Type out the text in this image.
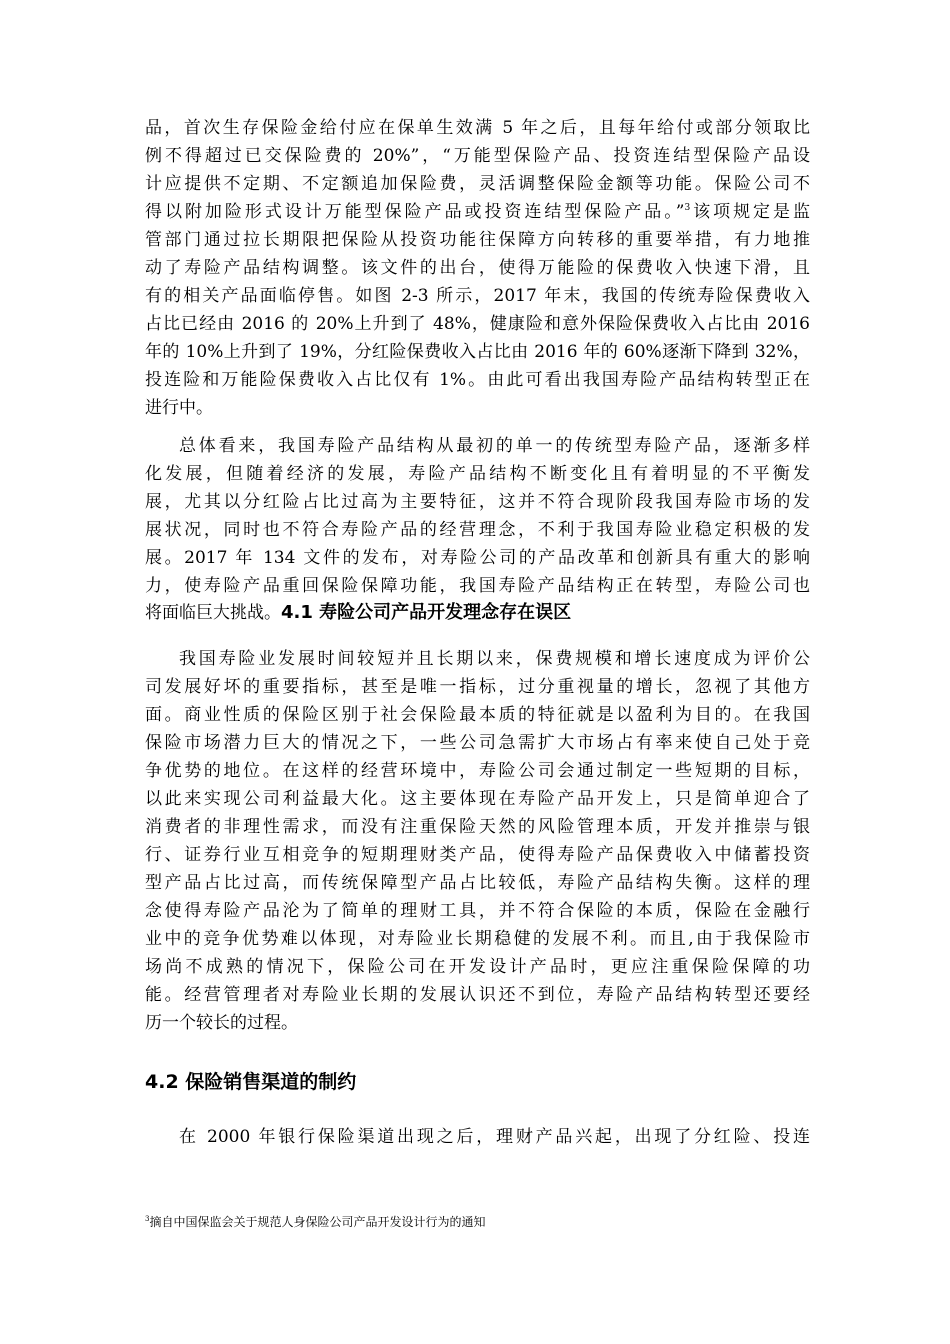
品，首次生存保险金给付应在保单生效满 5 年之后，且每年给付或部分领取比
例不得超过已交保险费的 20%”，“万能型保险产品、投资连结型保险产品设
计应提供不定期、不定额追加保险费，灵活调整保险金额等功能。保险公司不
得以附加险形式设计万能型保险产品或投资连结型保险产品。”$^3$该项规定是监
管部门通过拉长期限把保险从投资功能往保障方向转移的重要举措，有力地推
动了寿险产品结构调整。该文件的出台，使得万能险的保费收入快速下滑，且
有的相关产品面临停售。如图 2-3 所示，2017 年末，我国的传统寿险保费收入
占比已经由 2016 的 20%上升到了 48%，健康险和意外保险保费收入占比由 2016
年的 10%上升到了 19%，分红险保费收入占比由 2016 年的 60%逐渐下降到 32%，
投连险和万能险保费收入占比仅有 1%。由此可看出我国寿险产品结构转型正在
进行中。
总体看来，我国寿险产品结构从最初的单一的传统型寿险产品，逐渐多样
化发展，但随着经济的发展，寿险产品结构不断变化且有着明显的不平衡发
展，尤其以分红险占比过高为主要特征，这并不符合现阶段我国寿险市场的发
展状况，同时也不符合寿险产品的经营理念，不利于我国寿险业稳定积极的发
展。2017 年 134 文件的发布，对寿险公司的产品改革和创新具有重大的影响
力，使寿险产品重回保险保障功能，我国寿险产品结构正在转型，寿险公司也
将面临巨大挑战。4.1 寿险公司产品开发理念存在误区
我国寿险业发展时间较短并且长期以来，保费规模和增长速度成为评价公
司发展好坏的重要指标，甚至是唯一指标，过分重视量的增长，忽视了其他方
面。商业性质的保险区别于社会保险最本质的特征就是以盈利为目的。在我国
保险市场潜力巨大的情况之下，一些公司急需扩大市场占有率来使自己处于竞
争优势的地位。在这样的经营环境中，寿险公司会通过制定一些短期的目标，
以此来实现公司利益最大化。这主要体现在寿险产品开发上，只是简单迎合了
消费者的非理性需求，而没有注重保险天然的风险管理本质，开发并推崇与银
行、证券行业互相竞争的短期理财类产品，使得寿险产品保费收入中储蓄投资
型产品占比过高，而传统保障型产品占比较低，寿险产品结构失衡。这样的理
念使得寿险产品沦为了简单的理财工具，并不符合保险的本质，保险在金融行
业中的竞争优势难以体现，对寿险业长期稳健的发展不利。而且,由于我保险市
场尚不成熟的情况下，保险公司在开发设计产品时，更应注重保险保障的功
能。经营管理者对寿险业长期的发展认识还不到位，寿险产品结构转型还要经
历一个较长的过程。
4.2 保险销售渠道的制约
在 2000 年银行保险渠道出现之后，理财产品兴起，出现了分红险、投连
$^3$摘自中国保监会关于规范人身保险公司产品开发设计行为的通知
